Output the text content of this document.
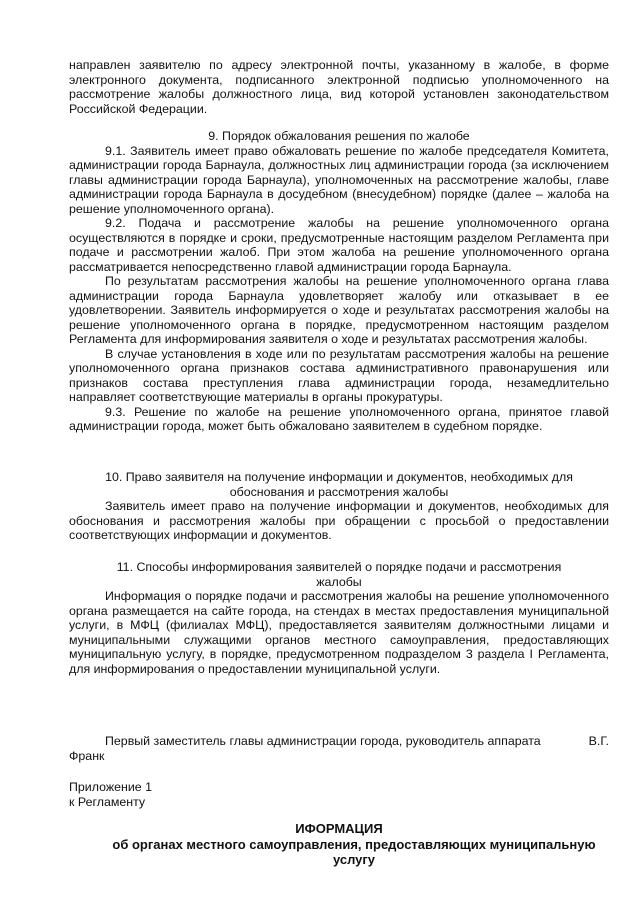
направлен заявителю по адресу электронной почты, указанному в жалобе, в форме электронного документа, подписанного электронной подписью уполномоченного на рассмотрение жалобы должностного лица, вид которой установлен законодательством Российской Федерации.

9. Порядок обжалования решения по жалобе

9.1. Заявитель имеет право обжаловать решение по жалобе председателя Комитета, администрации города Барнаула, должностных лиц администрации города (за исключением главы администрации города Барнаула), уполномоченных на рассмотрение жалобы, главе администрации города Барнаула в досудебном (внесудебном) порядке (далее – жалоба на решение уполномоченного органа).

9.2. Подача и рассмотрение жалобы на решение уполномоченного органа осуществляются в порядке и сроки, предусмотренные настоящим разделом Регламента при подаче и рассмотрении жалоб. При этом жалоба на решение уполномоченного органа рассматривается непосредственно главой администрации города Барнаула.

По результатам рассмотрения жалобы на решение уполномоченного органа глава администрации города Барнаула удовлетворяет жалобу или отказывает в ее удовлетворении. Заявитель информируется о ходе и результатах рассмотрения жалобы на решение уполномоченного органа в порядке, предусмотренном настоящим разделом Регламента для информирования заявителя о ходе и результатах рассмотрения жалобы.

В случае установления в ходе или по результатам рассмотрения жалобы на решение уполномоченного органа признаков состава административного правонарушения или признаков состава преступления глава администрации города, незамедлительно направляет соответствующие материалы в органы прокуратуры.

9.3. Решение по жалобе на решение уполномоченного органа, принятое главой администрации города, может быть обжаловано заявителем в судебном порядке.

10. Право заявителя на получение информации и документов, необходимых для обоснования и рассмотрения жалобы

Заявитель имеет право на получение информации и документов, необходимых для обоснования и рассмотрения жалобы при обращении с просьбой о предоставлении соответствующих информации и документов.

11. Способы информирования заявителей о порядке подачи и рассмотрения жалобы

Информация о порядке подачи и рассмотрения жалобы на решение уполномоченного органа размещается на сайте города, на стендах в местах предоставления муниципальной услуги, в МФЦ (филиалах МФЦ), предоставляется заявителям должностными лицами и муниципальными служащими органов местного самоуправления, предоставляющих муниципальную услугу, в порядке, предусмотренном подразделом 3 раздела I Регламента, для информирования о предоставлении муниципальной услуги.

Первый заместитель главы администрации города, руководитель аппарата	В.Г.
Франк
Приложение 1
к Регламенту
ИФОРМАЦИЯ
об органах местного самоуправления, предоставляющих муниципальную услугу
